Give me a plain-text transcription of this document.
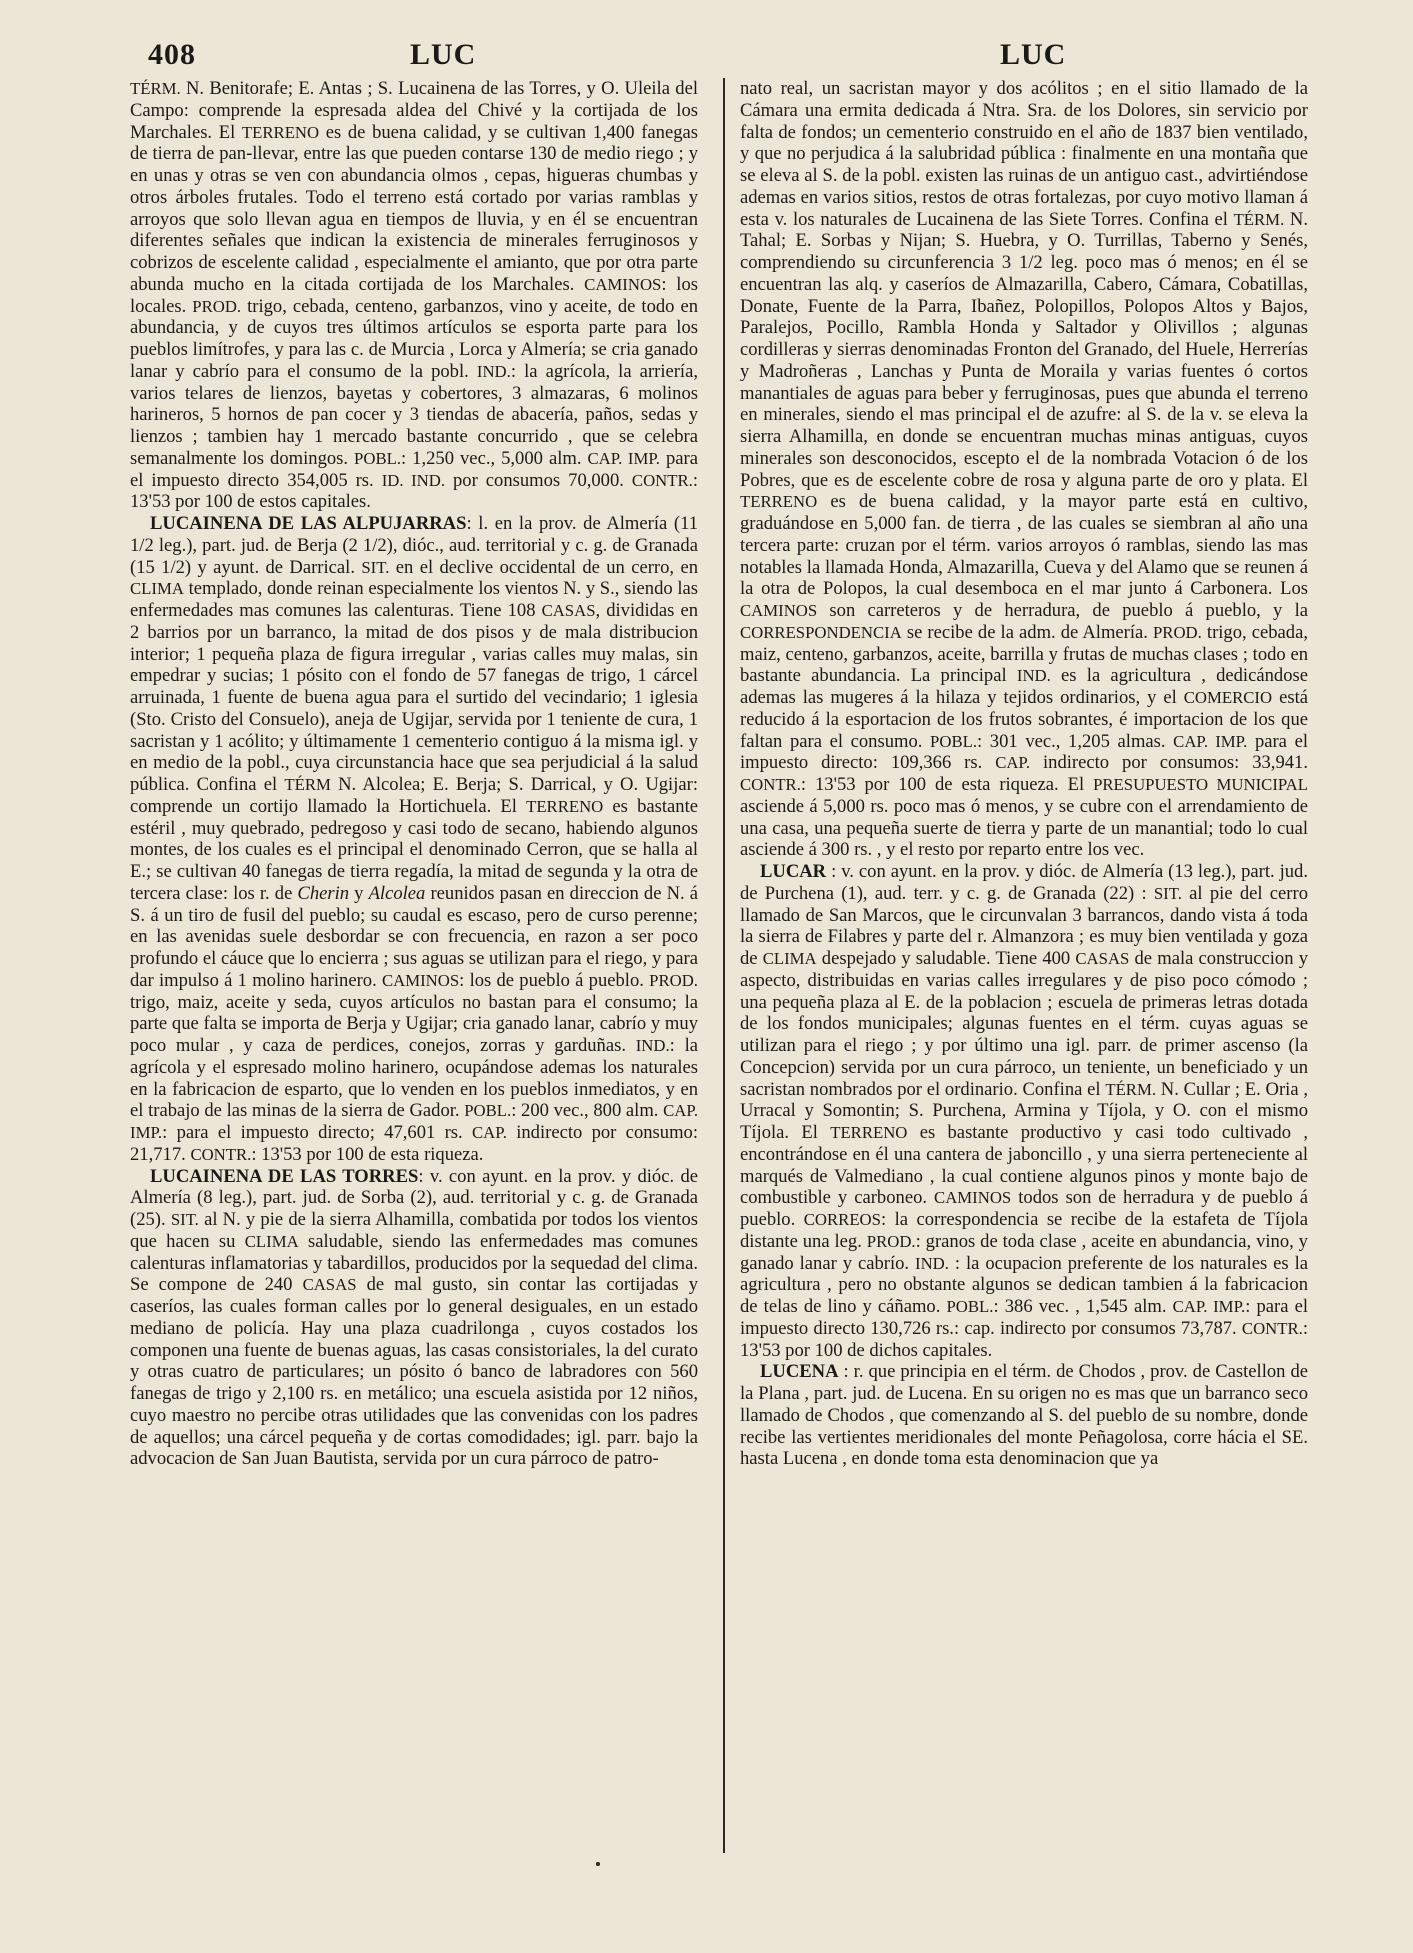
408	LUC	LUC

TÉRM. N. Benitorafe; E. Antas ; S. Lucainena de las Torres, y O. Uleila del Campo: comprende la espresada aldea del Chivé y la cortijada de los Marchales. El TERRENO es de buena calidad, y se cultivan 1,400 fanegas de tierra de pan-llevar, entre las que pueden contarse 130 de medio riego ; y en unas y otras se ven con abundancia olmos , cepas, higueras chumbas y otros árboles frutales. Todo el terreno está cortado por varias ramblas y arroyos que solo llevan agua en tiempos de lluvia, y en él se encuentran diferentes señales que indican la existencia de minerales ferruginosos y cobrizos de escelente calidad , especialmente el amianto, que por otra parte abunda mucho en la citada cortijada de los Marchales. CAMINOS: los locales. PROD. trigo, cebada, centeno, garbanzos, vino y aceite, de todo en abundancia, y de cuyos tres últimos artículos se esporta parte para los pueblos limítrofes, y para las c. de Murcia , Lorca y Almería; se cria ganado lanar y cabrío para el consumo de la pobl. IND.: la agrícola, la arriería, varios telares de lienzos, bayetas y cobertores, 3 almazaras, 6 molinos harineros, 5 hornos de pan cocer y 3 tiendas de abacería, paños, sedas y lienzos ; tambien hay 1 mercado bastante concurrido , que se celebra semanalmente los domingos. POBL.: 1,250 vec., 5,000 alm. CAP. IMP. para el impuesto directo 354,005 rs. ID. IND. por consumos 70,000. CONTR.: 13'53 por 100 de estos capitales.

LUCAINENA DE LAS ALPUJARRAS: l. en la prov. de Almería (11 1/2 leg.), part. jud. de Berja (2 1/2), dióc., aud. territorial y c. g. de Granada (15 1/2) y ayunt. de Darrical. SIT. en el declive occidental de un cerro, en CLIMA templado, donde reinan especialmente los vientos N. y S., siendo las enfermedades mas comunes las calenturas. Tiene 108 CASAS, divididas en 2 barrios por un barranco, la mitad de dos pisos y de mala distribucion interior; 1 pequeña plaza de figura irregular , varias calles muy malas, sin empedrar y sucias; 1 pósito con el fondo de 57 fanegas de trigo, 1 cárcel arruinada, 1 fuente de buena agua para el surtido del vecindario; 1 iglesia (Sto. Cristo del Consuelo), aneja de Ugijar, servida por 1 teniente de cura, 1 sacristan y 1 acólito; y últimamente 1 cementerio contiguo á la misma igl. y en medio de la pobl., cuya circunstancia hace que sea perjudicial á la salud pública. Confina el TÉRM N. Alcolea; E. Berja; S. Darrical, y O. Ugijar: comprende un cortijo llamado la Hortichuela. El TERRENO es bastante estéril , muy quebrado, pedregoso y casi todo de secano, habiendo algunos montes, de los cuales es el principal el denominado Cerron, que se halla al E.; se cultivan 40 fanegas de tierra regadía, la mitad de segunda y la otra de tercera clase: los r. de Cherin y Alcolea reunidos pasan en direccion de N. á S. á un tiro de fusil del pueblo; su caudal es escaso, pero de curso perenne; en las avenidas suele desbordar se con frecuencia, en razon a ser poco profundo el cáuce que lo encierra ; sus aguas se utilizan para el riego, y para dar impulso á 1 molino harinero. CAMINOS: los de pueblo á pueblo. PROD. trigo, maiz, aceite y seda, cuyos artículos no bastan para el consumo; la parte que falta se importa de Berja y Ugijar; cria ganado lanar, cabrío y muy poco mular , y caza de perdices, conejos, zorras y garduñas. IND.: la agrícola y el espresado molino harinero, ocupándose ademas los naturales en la fabricacion de esparto, que lo venden en los pueblos inmediatos, y en el trabajo de las minas de la sierra de Gador. POBL.: 200 vec., 800 alm. CAP. IMP.: para el impuesto directo; 47,601 rs. CAP. indirecto por consumo: 21,717. CONTR.: 13'53 por 100 de esta riqueza.

LUCAINENA DE LAS TORRES: v. con ayunt. en la prov. y dióc. de Almería (8 leg.), part. jud. de Sorba (2), aud. territorial y c. g. de Granada (25). SIT. al N. y pie de la sierra Alhamilla, combatida por todos los vientos que hacen su CLIMA saludable, siendo las enfermedades mas comunes calenturas inflamatorias y tabardillos, producidos por la sequedad del clima. Se compone de 240 CASAS de mal gusto, sin contar las cortijadas y caseríos, las cuales forman calles por lo general desiguales, en un estado mediano de policía. Hay una plaza cuadrilonga , cuyos costados los componen una fuente de buenas aguas, las casas consistoriales, la del curato y otras cuatro de particulares; un pósito ó banco de labradores con 560 fanegas de trigo y 2,100 rs. en metálico; una escuela asistida por 12 niños, cuyo maestro no percibe otras utilidades que las convenidas con los padres de aquellos; una cárcel pequeña y de cortas comodidades; igl. parr. bajo la advocacion de San Juan Bautista, servida por un cura párroco de patro-

nato real, un sacristan mayor y dos acólitos ; en el sitio llamado de la Cámara una ermita dedicada á Ntra. Sra. de los Dolores, sin servicio por falta de fondos; un cementerio construido en el año de 1837 bien ventilado, y que no perjudica á la salubridad pública : finalmente en una montaña que se eleva al S. de la pobl. existen las ruinas de un antiguo cast., advirtiéndose ademas en varios sitios, restos de otras fortalezas, por cuyo motivo llaman á esta v. los naturales de Lucainena de las Siete Torres. Confina el TÉRM. N. Tahal; E. Sorbas y Nijan; S. Huebra, y O. Turrillas, Taberno y Senés, comprendiendo su circunferencia 3 1/2 leg. poco mas ó menos; en él se encuentran las alq. y caseríos de Almazarilla, Cabero, Cámara, Cobatillas, Donate, Fuente de la Parra, Ibañez, Polopillos, Polopos Altos y Bajos, Paralejos, Pocillo, Rambla Honda y Saltador y Olivillos ; algunas cordilleras y sierras denominadas Fronton del Granado, del Huele, Herrerías y Madroñeras , Lanchas y Punta de Moraila y varias fuentes ó cortos manantiales de aguas para beber y ferruginosas, pues que abunda el terreno en minerales, siendo el mas principal el de azufre: al S. de la v. se eleva la sierra Alhamilla, en donde se encuentran muchas minas antiguas, cuyos minerales son desconocidos, escepto el de la nombrada Votacion ó de los Pobres, que es de escelente cobre de rosa y alguna parte de oro y plata. El TERRENO es de buena calidad, y la mayor parte está en cultivo, graduándose en 5,000 fan. de tierra , de las cuales se siembran al año una tercera parte: cruzan por el térm. varios arroyos ó ramblas, siendo las mas notables la llamada Honda, Almazarilla, Cueva y del Alamo que se reunen á la otra de Polopos, la cual desemboca en el mar junto á Carbonera. Los CAMINOS son carreteros y de herradura, de pueblo á pueblo, y la CORRESPONDENCIA se recibe de la adm. de Almería. PROD. trigo, cebada, maiz, centeno, garbanzos, aceite, barrilla y frutas de muchas clases ; todo en bastante abundancia. La principal IND. es la agricultura , dedicándose ademas las mugeres á la hilaza y tejidos ordinarios, y el COMERCIO está reducido á la esportacion de los frutos sobrantes, é importacion de los que faltan para el consumo. POBL.: 301 vec., 1,205 almas. CAP. IMP. para el impuesto directo: 109,366 rs. CAP. indirecto por consumos: 33,941. CONTR.: 13'53 por 100 de esta riqueza. El PRESUPUESTO MUNICIPAL asciende á 5,000 rs. poco mas ó menos, y se cubre con el arrendamiento de una casa, una pequeña suerte de tierra y parte de un manantial; todo lo cual asciende á 300 rs. , y el resto por reparto entre los vec.

LUCAR : v. con ayunt. en la prov. y dióc. de Almería (13 leg.), part. jud. de Purchena (1), aud. terr. y c. g. de Granada (22) : SIT. al pie del cerro llamado de San Marcos, que le circunvalan 3 barrancos, dando vista á toda la sierra de Filabres y parte del r. Almanzora ; es muy bien ventilada y goza de CLIMA despejado y saludable. Tiene 400 CASAS de mala construccion y aspecto, distribuidas en varias calles irregulares y de piso poco cómodo ; una pequeña plaza al E. de la poblacion ; escuela de primeras letras dotada de los fondos municipales; algunas fuentes en el térm. cuyas aguas se utilizan para el riego ; y por último una igl. parr. de primer ascenso (la Concepcion) servida por un cura párroco, un teniente, un beneficiado y un sacristan nombrados por el ordinario. Confina el TÉRM. N. Cullar ; E. Oria , Urracal y Somontin; S. Purchena, Armina y Tíjola, y O. con el mismo Tíjola. El TERRENO es bastante productivo y casi todo cultivado , encontrándose en él una cantera de jaboncillo , y una sierra perteneciente al marqués de Valmediano , la cual contiene algunos pinos y monte bajo de combustible y carboneo. CAMINOS todos son de herradura y de pueblo á pueblo. CORREOS: la correspondencia se recibe de la estafeta de Tíjola distante una leg. PROD.: granos de toda clase , aceite en abundancia, vino, y ganado lanar y cabrío. IND. : la ocupacion preferente de los naturales es la agricultura , pero no obstante algunos se dedican tambien á la fabricacion de telas de lino y cáñamo. POBL.: 386 vec. , 1,545 alm. CAP. IMP.: para el impuesto directo 130,726 rs.: cap. indirecto por consumos 73,787. CONTR.: 13'53 por 100 de dichos capitales.

LUCENA : r. que principia en el térm. de Chodos , prov. de Castellon de la Plana , part. jud. de Lucena. En su origen no es mas que un barranco seco llamado de Chodos , que comenzando al S. del pueblo de su nombre, donde recibe las vertientes meridionales del monte Peñagolosa, corre hácia el SE. hasta Lucena , en donde toma esta denominacion que ya
